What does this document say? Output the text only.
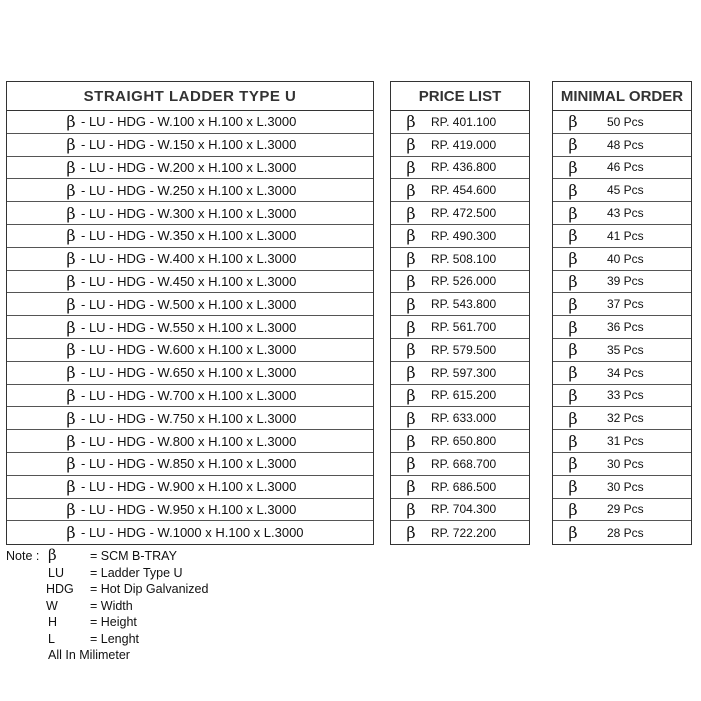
STRAIGHT LADDER TYPE U
β - LU - HDG - W.100 x H.100 x L.3000
β - LU - HDG - W.150 x H.100 x L.3000
β - LU - HDG - W.200 x H.100 x L.3000
β - LU - HDG - W.250 x H.100 x L.3000
β - LU - HDG - W.300 x H.100 x L.3000
β - LU - HDG - W.350 x H.100 x L.3000
β - LU - HDG - W.400 x H.100 x L.3000
β - LU - HDG - W.450 x H.100 x L.3000
β - LU - HDG - W.500 x H.100 x L.3000
β - LU - HDG - W.550 x H.100 x L.3000
β - LU - HDG - W.600 x H.100 x L.3000
β - LU - HDG - W.650 x H.100 x L.3000
β - LU - HDG - W.700 x H.100 x L.3000
β - LU - HDG - W.750 x H.100 x L.3000
β - LU - HDG - W.800 x H.100 x L.3000
β - LU - HDG - W.850 x H.100 x L.3000
β - LU - HDG - W.900 x H.100 x L.3000
β - LU - HDG - W.950 x H.100 x L.3000
β - LU - HDG - W.1000 x H.100 x L.3000
PRICE LIST
β RP. 401.100
β RP. 419.000
β RP. 436.800
β RP. 454.600
β RP. 472.500
β RP. 490.300
β RP. 508.100
β RP. 526.000
β RP. 543.800
β RP. 561.700
β RP. 579.500
β RP. 597.300
β RP. 615.200
β RP. 633.000
β RP. 650.800
β RP. 668.700
β RP. 686.500
β RP. 704.300
β RP. 722.200
MINIMAL ORDER
β 50 Pcs
β 48 Pcs
β 46 Pcs
β 45 Pcs
β 43 Pcs
β 41 Pcs
β 40 Pcs
β 39 Pcs
β 37 Pcs
β 36 Pcs
β 35 Pcs
β 34 Pcs
β 33 Pcs
β 32 Pcs
β 31 Pcs
β 30 Pcs
β 30 Pcs
β 29 Pcs
β 28 Pcs
Note : β	= SCM B-TRAY
LU	= Ladder Type U
HDG	= Hot Dip Galvanized
W	= Width
H	= Height
L	= Lenght
All In Milimeter
